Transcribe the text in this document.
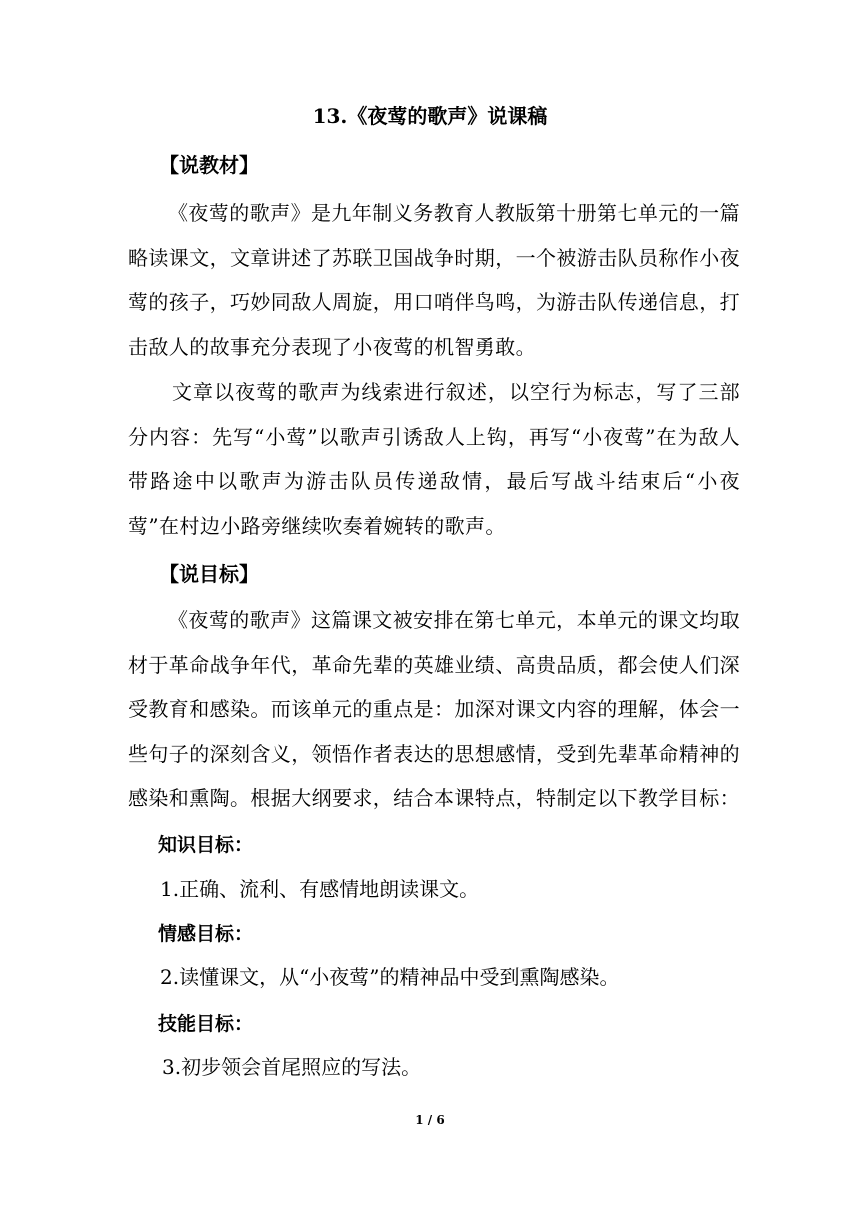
13.《夜莺的歌声》说课稿
【说教材】
《夜莺的歌声》是九年制义务教育人教版第十册第七单元的一篇略读课文，文章讲述了苏联卫国战争时期，一个被游击队员称作小夜莺的孩子，巧妙同敌人周旋，用口哨伴鸟鸣，为游击队传递信息，打击敌人的故事充分表现了小夜莺的机智勇敢。
文章以夜莺的歌声为线索进行叙述，以空行为标志，写了三部分内容：先写“小莺”以歌声引诱敌人上钩，再写“小夜莺”在为敌人带路途中以歌声为游击队员传递敌情，最后写战斗结束后“小夜莺”在村边小路旁继续吹奏着婉转的歌声。
【说目标】
《夜莺的歌声》这篇课文被安排在第七单元，本单元的课文均取材于革命战争年代，革命先辈的英雄业绩、高贵品质，都会使人们深受教育和感染。而该单元的重点是：加深对课文内容的理解，体会一些句子的深刻含义，领悟作者表达的思想感情，受到先辈革命精神的感染和熏陶。根据大纲要求，结合本课特点，特制定以下教学目标：
知识目标：
1.正确、流利、有感情地朗读课文。
情感目标：
2.读懂课文，从“小夜莺”的精神品中受到熏陶感染。
技能目标：
3.初步领会首尾照应的写法。
1 / 6
